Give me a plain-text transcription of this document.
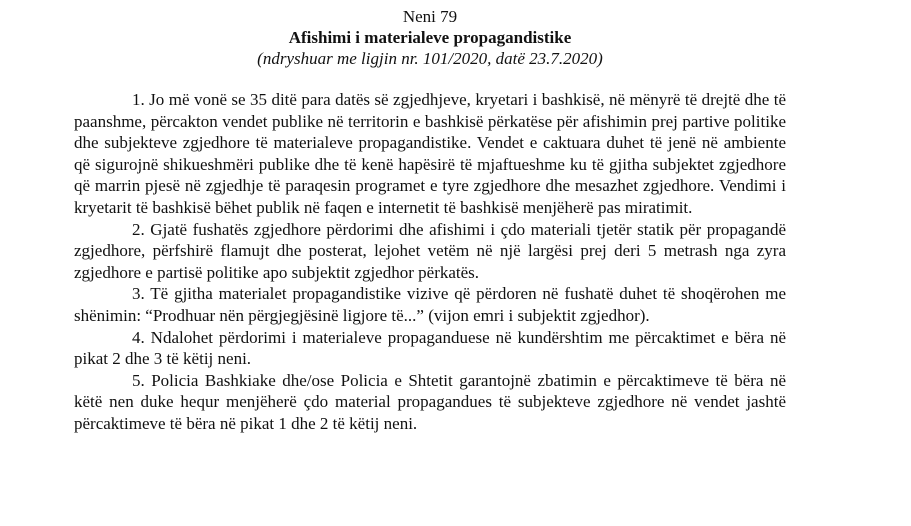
Neni 79

Afishimi i materialeve propagandistike

(ndryshuar me ligjin nr. 101/2020, datë 23.7.2020)

1. Jo më vonë se 35 ditë para datës së zgjedhjeve, kryetari i bashkisë, në mënyrë të drejtë dhe të paanshme, përcakton vendet publike në territorin e bashkisë përkatëse për afishimin prej partive politike dhe subjekteve zgjedhore të materialeve propagandistike. Vendet e caktuara duhet të jenë në ambiente që sigurojnë shikueshmëri publike dhe të kenë hapësirë të mjaftueshme ku të gjitha subjektet zgjedhore që marrin pjesë në zgjedhje të paraqesin programet e tyre zgjedhore dhe mesazhet zgjedhore. Vendimi i kryetarit të bashkisë bëhet publik në faqen e internetit të bashkisë menjëherë pas miratimit.

2. Gjatë fushatës zgjedhore përdorimi dhe afishimi i çdo materiali tjetër statik për propagandë zgjedhore, përfshirë flamujt dhe posterat, lejohet vetëm në një largësi prej deri 5 metrash nga zyra zgjedhore e partisë politike apo subjektit zgjedhor përkatës.

3. Të gjitha materialet propagandistike vizive që përdoren në fushatë duhet të shoqërohen me shënimin: “Prodhuar nën përgjegjësinë ligjore të...” (vijon emri i subjektit zgjedhor).

4. Ndalohet përdorimi i materialeve propaganduese në kundërshtim me përcaktimet e bëra në pikat 2 dhe 3 të këtij neni.

5. Policia Bashkiake dhe/ose Policia e Shtetit garantojnë zbatimin e përcaktimeve të bëra në këtë nen duke hequr menjëherë çdo material propagandues të subjekteve zgjedhore në vendet jashtë përcaktimeve të bëra në pikat 1 dhe 2 të këtij neni.
